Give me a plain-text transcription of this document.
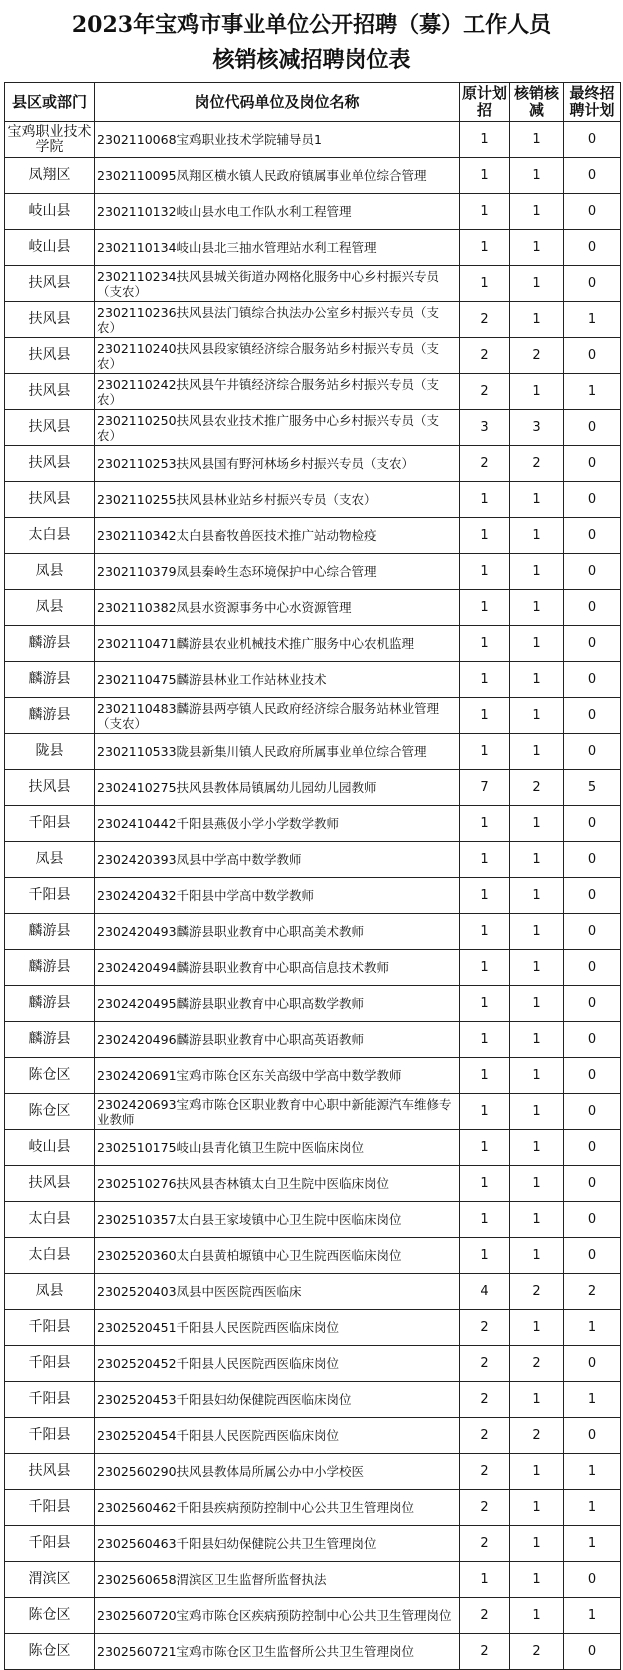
2023年宝鸡市事业单位公开招聘（募）工作人员
核销核减招聘岗位表
县区或部门	岗位代码单位及岗位名称	原计划招	核销核减	最终招聘计划
宝鸡职业技术学院	2302110068宝鸡职业技术学院辅导员1	1	1	0
凤翔区	2302110095凤翔区横水镇人民政府镇属事业单位综合管理	1	1	0
岐山县	2302110132岐山县水电工作队水利工程管理	1	1	0
岐山县	2302110134岐山县北三抽水管理站水利工程管理	1	1	0
扶风县	2302110234扶风县城关街道办网格化服务中心乡村振兴专员（支农）	1	1	0
扶风县	2302110236扶风县法门镇综合执法办公室乡村振兴专员（支农）	2	1	1
扶风县	2302110240扶风县段家镇经济综合服务站乡村振兴专员（支农）	2	2	0
扶风县	2302110242扶风县午井镇经济综合服务站乡村振兴专员（支农）	2	1	1
扶风县	2302110250扶风县农业技术推广服务中心乡村振兴专员（支农）	3	3	0
扶风县	2302110253扶风县国有野河林场乡村振兴专员（支农）	2	2	0
扶风县	2302110255扶风县林业站乡村振兴专员（支农）	1	1	0
太白县	2302110342太白县畜牧兽医技术推广站动物检疫	1	1	0
凤县	2302110379凤县秦岭生态环境保护中心综合管理	1	1	0
凤县	2302110382凤县水资源事务中心水资源管理	1	1	0
麟游县	2302110471麟游县农业机械技术推广服务中心农机监理	1	1	0
麟游县	2302110475麟游县林业工作站林业技术	1	1	0
麟游县	2302110483麟游县两亭镇人民政府经济综合服务站林业管理（支农）	1	1	0
陇县	2302110533陇县新集川镇人民政府所属事业单位综合管理	1	1	0
扶风县	2302410275扶风县教体局镇属幼儿园幼儿园教师	7	2	5
千阳县	2302410442千阳县燕伋小学小学数学教师	1	1	0
凤县	2302420393凤县中学高中数学教师	1	1	0
千阳县	2302420432千阳县中学高中数学教师	1	1	0
麟游县	2302420493麟游县职业教育中心职高美术教师	1	1	0
麟游县	2302420494麟游县职业教育中心职高信息技术教师	1	1	0
麟游县	2302420495麟游县职业教育中心职高数学教师	1	1	0
麟游县	2302420496麟游县职业教育中心职高英语教师	1	1	0
陈仓区	2302420691宝鸡市陈仓区东关高级中学高中数学教师	1	1	0
陈仓区	2302420693宝鸡市陈仓区职业教育中心职中新能源汽车维修专业教师	1	1	0
岐山县	2302510175岐山县青化镇卫生院中医临床岗位	1	1	0
扶风县	2302510276扶风县杏林镇太白卫生院中医临床岗位	1	1	0
太白县	2302510357太白县王家堎镇中心卫生院中医临床岗位	1	1	0
太白县	2302520360太白县黄柏塬镇中心卫生院西医临床岗位	1	1	0
凤县	2302520403凤县中医医院西医临床	4	2	2
千阳县	2302520451千阳县人民医院西医临床岗位	2	1	1
千阳县	2302520452千阳县人民医院西医临床岗位	2	2	0
千阳县	2302520453千阳县妇幼保健院西医临床岗位	2	1	1
千阳县	2302520454千阳县人民医院西医临床岗位	2	2	0
扶风县	2302560290扶风县教体局所属公办中小学校医	2	1	1
千阳县	2302560462千阳县疾病预防控制中心公共卫生管理岗位	2	1	1
千阳县	2302560463千阳县妇幼保健院公共卫生管理岗位	2	1	1
渭滨区	2302560658渭滨区卫生监督所监督执法	1	1	0
陈仓区	2302560720宝鸡市陈仓区疾病预防控制中心公共卫生管理岗位	2	1	1
陈仓区	2302560721宝鸡市陈仓区卫生监督所公共卫生管理岗位	2	2	0
